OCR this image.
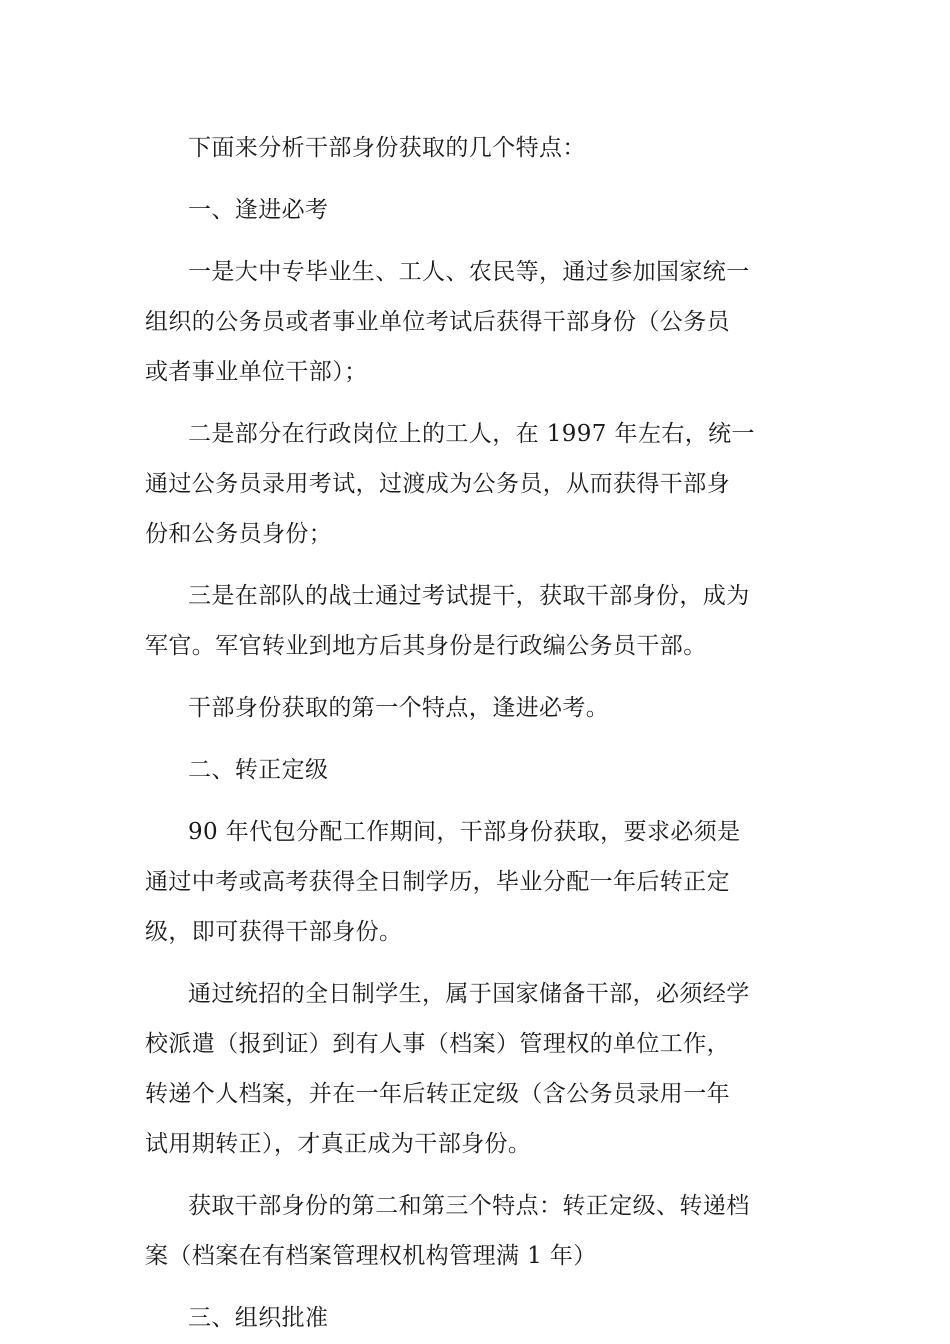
下面来分析干部身份获取的几个特点：

一、逢进必考

一是大中专毕业生、工人、农民等，通过参加国家统一
组织的公务员或者事业单位考试后获得干部身份（公务员
或者事业单位干部）；

二是部分在行政岗位上的工人，在 1997 年左右，统一
通过公务员录用考试，过渡成为公务员，从而获得干部身
份和公务员身份；

三是在部队的战士通过考试提干，获取干部身份，成为
军官。军官转业到地方后其身份是行政编公务员干部。

干部身份获取的第一个特点，逢进必考。

二、转正定级

90 年代包分配工作期间，干部身份获取，要求必须是
通过中考或高考获得全日制学历，毕业分配一年后转正定
级，即可获得干部身份。

通过统招的全日制学生，属于国家储备干部，必须经学
校派遣（报到证）到有人事（档案）管理权的单位工作，
转递个人档案，并在一年后转正定级（含公务员录用一年
试用期转正），才真正成为干部身份。

获取干部身份的第二和第三个特点：转正定级、转递档
案（档案在有档案管理权机构管理满 1 年）

三、组织批准
